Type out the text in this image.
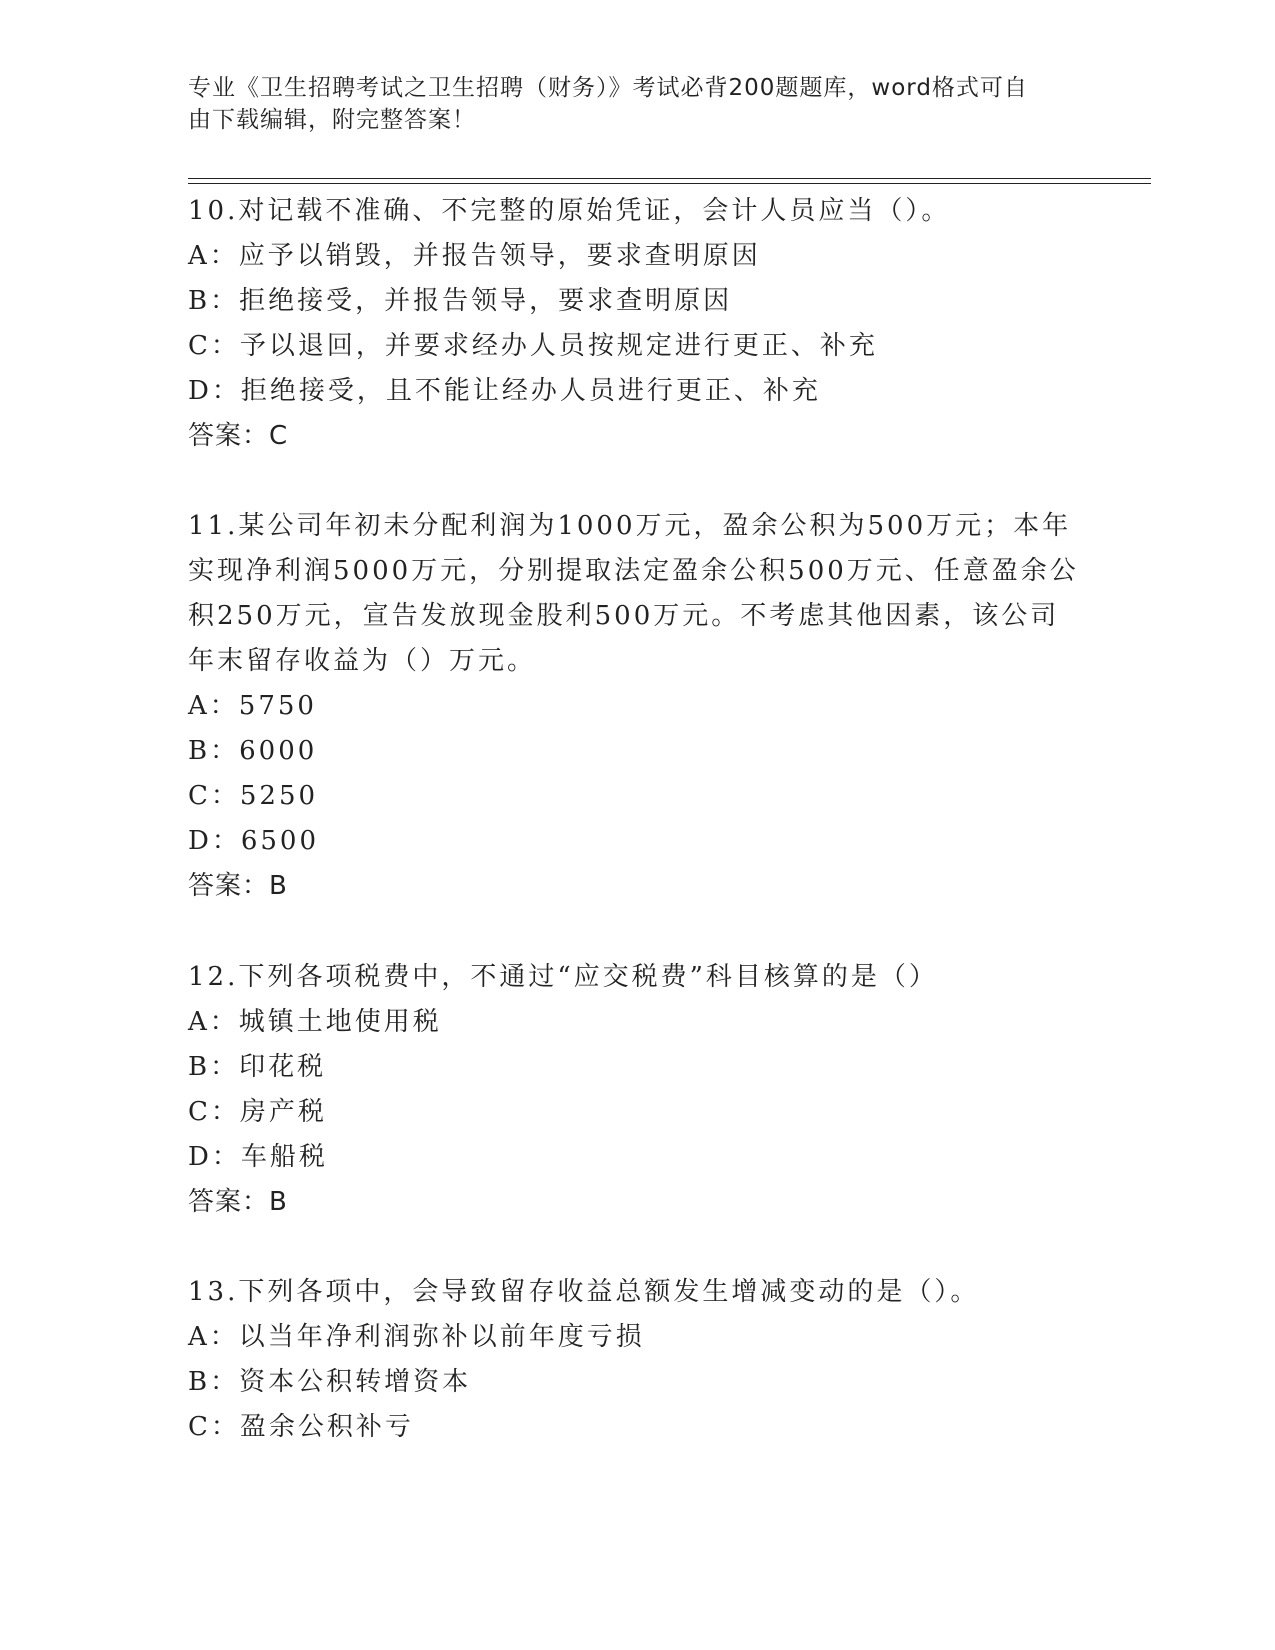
专业《卫生招聘考试之卫生招聘（财务）》考试必背200题题库，word格式可自
由下载编辑，附完整答案！
10.对记载不准确、不完整的原始凭证，会计人员应当（）。
A：应予以销毁，并报告领导，要求查明原因
B：拒绝接受，并报告领导，要求查明原因
C：予以退回，并要求经办人员按规定进行更正、补充
D：拒绝接受，且不能让经办人员进行更正、补充
答案：C
11.某公司年初未分配利润为1000万元，盈余公积为500万元；本年
实现净利润5000万元，分别提取法定盈余公积500万元、任意盈余公
积250万元，宣告发放现金股利500万元。不考虑其他因素，该公司
年末留存收益为（）万元。
A：5750
B：6000
C：5250
D：6500
答案：B
12.下列各项税费中，不通过“应交税费”科目核算的是（）
A：城镇土地使用税
B：印花税
C：房产税
D：车船税
答案：B
13.下列各项中，会导致留存收益总额发生增减变动的是（）。
A：以当年净利润弥补以前年度亏损
B：资本公积转增资本
C：盈余公积补亏
